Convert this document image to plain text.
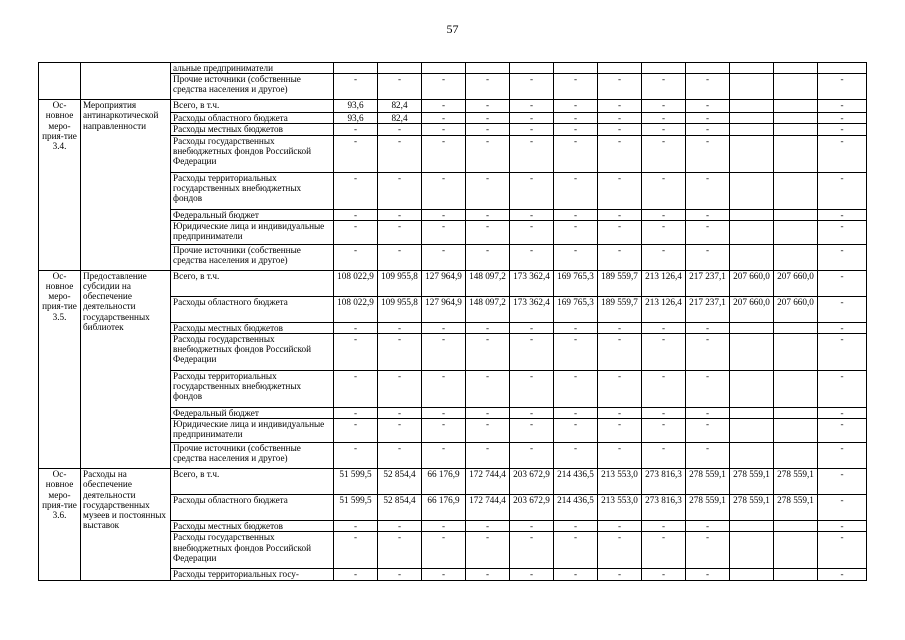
57
		альные предприниматели												
		Прочие источники (собственные средства населения и другое)	-	-	-	-	-	-	-	-	-			-
Ос-новное меро-прия-тие 3.4.	Мероприятия антинаркотической направленности	Всего, в т.ч.	93,6	82,4	-	-	-	-	-	-	-			-
		Расходы областного бюджета	93,6	82,4	-	-	-	-	-	-	-			-
		Расходы местных бюджетов	-	-	-	-	-	-	-	-	-			-
		Расходы государственных внебюджетных фондов Российской Федерации	-	-	-	-	-	-	-	-	-			-
		Расходы территориальных государственных внебюджетных фондов	-	-	-	-	-	-	-	-	-			-
		Федеральный бюджет	-	-	-	-	-	-	-	-	-			-
		Юридические лица и индивидуальные предприниматели	-	-	-	-	-	-	-	-	-			-
		Прочие источники (собственные средства населения и другое)	-	-	-	-	-	-	-	-	-			-
Ос-новное меро-прия-тие 3.5.	Предоставление субсидии на обеспечение деятельности государственных библиотек	Всего, в т.ч.	108 022,9	109 955,8	127 964,9	148 097,2	173 362,4	169 765,3	189 559,7	213 126,4	217 237,1	207 660,0	207 660,0	-
		Расходы областного бюджета	108 022,9	109 955,8	127 964,9	148 097,2	173 362,4	169 765,3	189 559,7	213 126,4	217 237,1	207 660,0	207 660,0	-
		Расходы местных бюджетов	-	-	-	-	-	-	-	-	-			-
		Расходы государственных внебюджетных фондов Российской Федерации	-	-	-	-	-	-	-	-	-			-
		Расходы территориальных государственных внебюджетных фондов	-	-	-	-	-	-	-	-	-			-
		Федеральный бюджет	-	-	-	-	-	-	-	-	-			-
		Юридические лица и индивидуальные предприниматели	-	-	-	-	-	-	-	-	-			-
		Прочие источники (собственные средства населения и другое)	-	-	-	-	-	-	-	-	-			-
Ос-новное меро-прия-тие 3.6.	Расходы на обеспечение деятельности государственных музеев и постоянных выставок	Всего, в т.ч.	51 599,5	52 854,4	66 176,9	172 744,4	203 672,9	214 436,5	213 553,0	273 816,3	278 559,1	278 559,1	278 559,1	-
		Расходы областного бюджета	51 599,5	52 854,4	66 176,9	172 744,4	203 672,9	214 436,5	213 553,0	273 816,3	278 559,1	278 559,1	278 559,1	-
		Расходы местных бюджетов	-	-	-	-	-	-	-	-	-			-
		Расходы государственных внебюджетных фондов Российской Федерации	-	-	-	-	-	-	-	-	-			-
		Расходы территориальных госу-	-	-	-	-	-	-	-	-	-			-
